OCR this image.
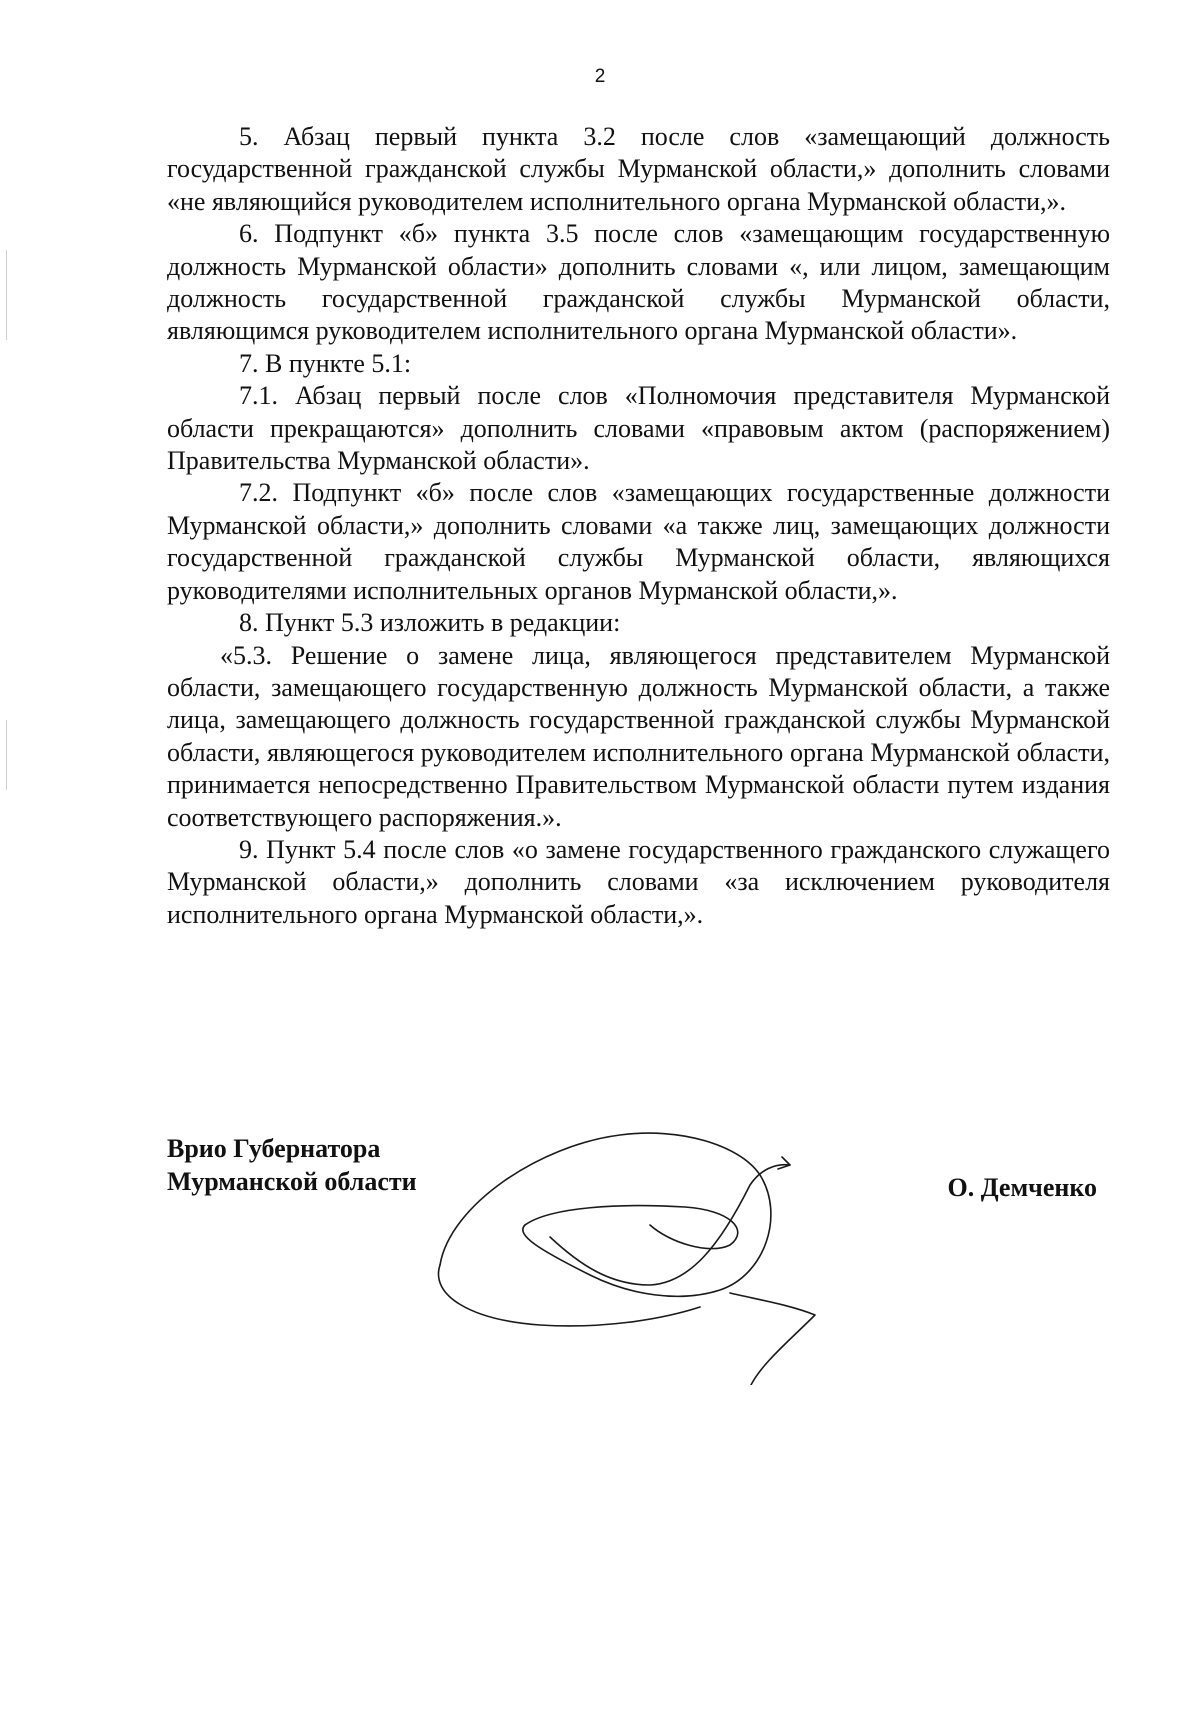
2

5. Абзац первый пункта 3.2 после слов «замещающий должность государственной гражданской службы Мурманской области,» дополнить словами «не являющийся руководителем исполнительного органа Мурманской области,».

6. Подпункт «б» пункта 3.5 после слов «замещающим государственную должность Мурманской области» дополнить словами «, или лицом, замещающим должность государственной гражданской службы Мурманской области, являющимся руководителем исполнительного органа Мурманской области».

7. В пункте 5.1:

7.1. Абзац первый после слов «Полномочия представителя Мурманской области прекращаются» дополнить словами «правовым актом (распоряжением) Правительства Мурманской области».

7.2. Подпункт «б» после слов «замещающих государственные должности Мурманской области,» дополнить словами «а также лиц, замещающих должности государственной гражданской службы Мурманской области, являющихся руководителями исполнительных органов Мурманской области,».

8. Пункт 5.3 изложить в редакции:

«5.3. Решение о замене лица, являющегося представителем Мурманской области, замещающего государственную должность Мурманской области, а также лица, замещающего должность государственной гражданской службы Мурманской области, являющегося руководителем исполнительного органа Мурманской области, принимается непосредственно Правительством Мурманской области путем издания соответствующего распоряжения.».

9. Пункт 5.4 после слов «о замене государственного гражданского служащего Мурманской области,» дополнить словами «за исключением руководителя исполнительного органа Мурманской области,».

Врио Губернатора
Мурманской области	О. Демченко
